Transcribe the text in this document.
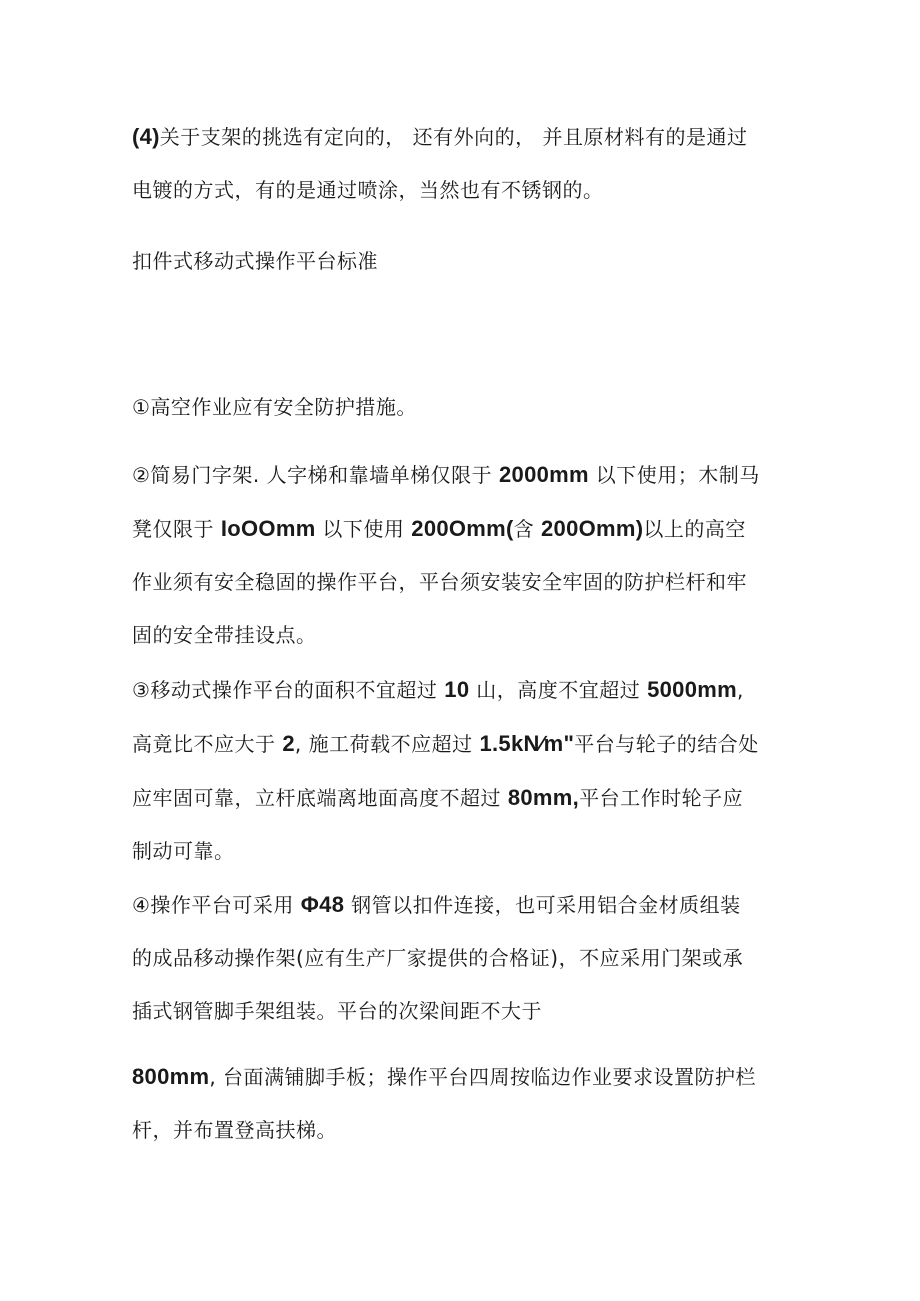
(4)关于支架的挑选有定向的， 还有外向的， 并且原材料有的是通过
电镀的方式，有的是通过喷涂，当然也有不锈钢的。
扣件式移动式操作平台标准
①高空作业应有安全防护措施。
②简易门字架. 人字梯和靠墙单梯仅限于 2000mm 以下使用；木制马
凳仅限于 IoOOmm 以下使用 200Omm(含 200Omm)以上的高空
作业须有安全稳固的操作平台，平台须安装安全牢固的防护栏杆和牢
固的安全带挂设点。
③移动式操作平台的面积不宜超过 10 山，高度不宜超过 5000mm,
高竟比不应大于 2, 施工荷载不应超过 1.5kN∕m"平台与轮子的结合处
应牢固可靠，立杆底端离地面高度不超过 80mm,平台工作时轮子应
制动可靠。
④操作平台可采用 Φ48 钢管以扣件连接，也可采用铝合金材质组装
的成品移动操作架(应有生产厂家提供的合格证)，不应采用门架或承
插式钢管脚手架组装。平台的次梁间距不大于
800mm, 台面满铺脚手板；操作平台四周按临边作业要求设置防护栏
杆，并布置登高扶梯。
